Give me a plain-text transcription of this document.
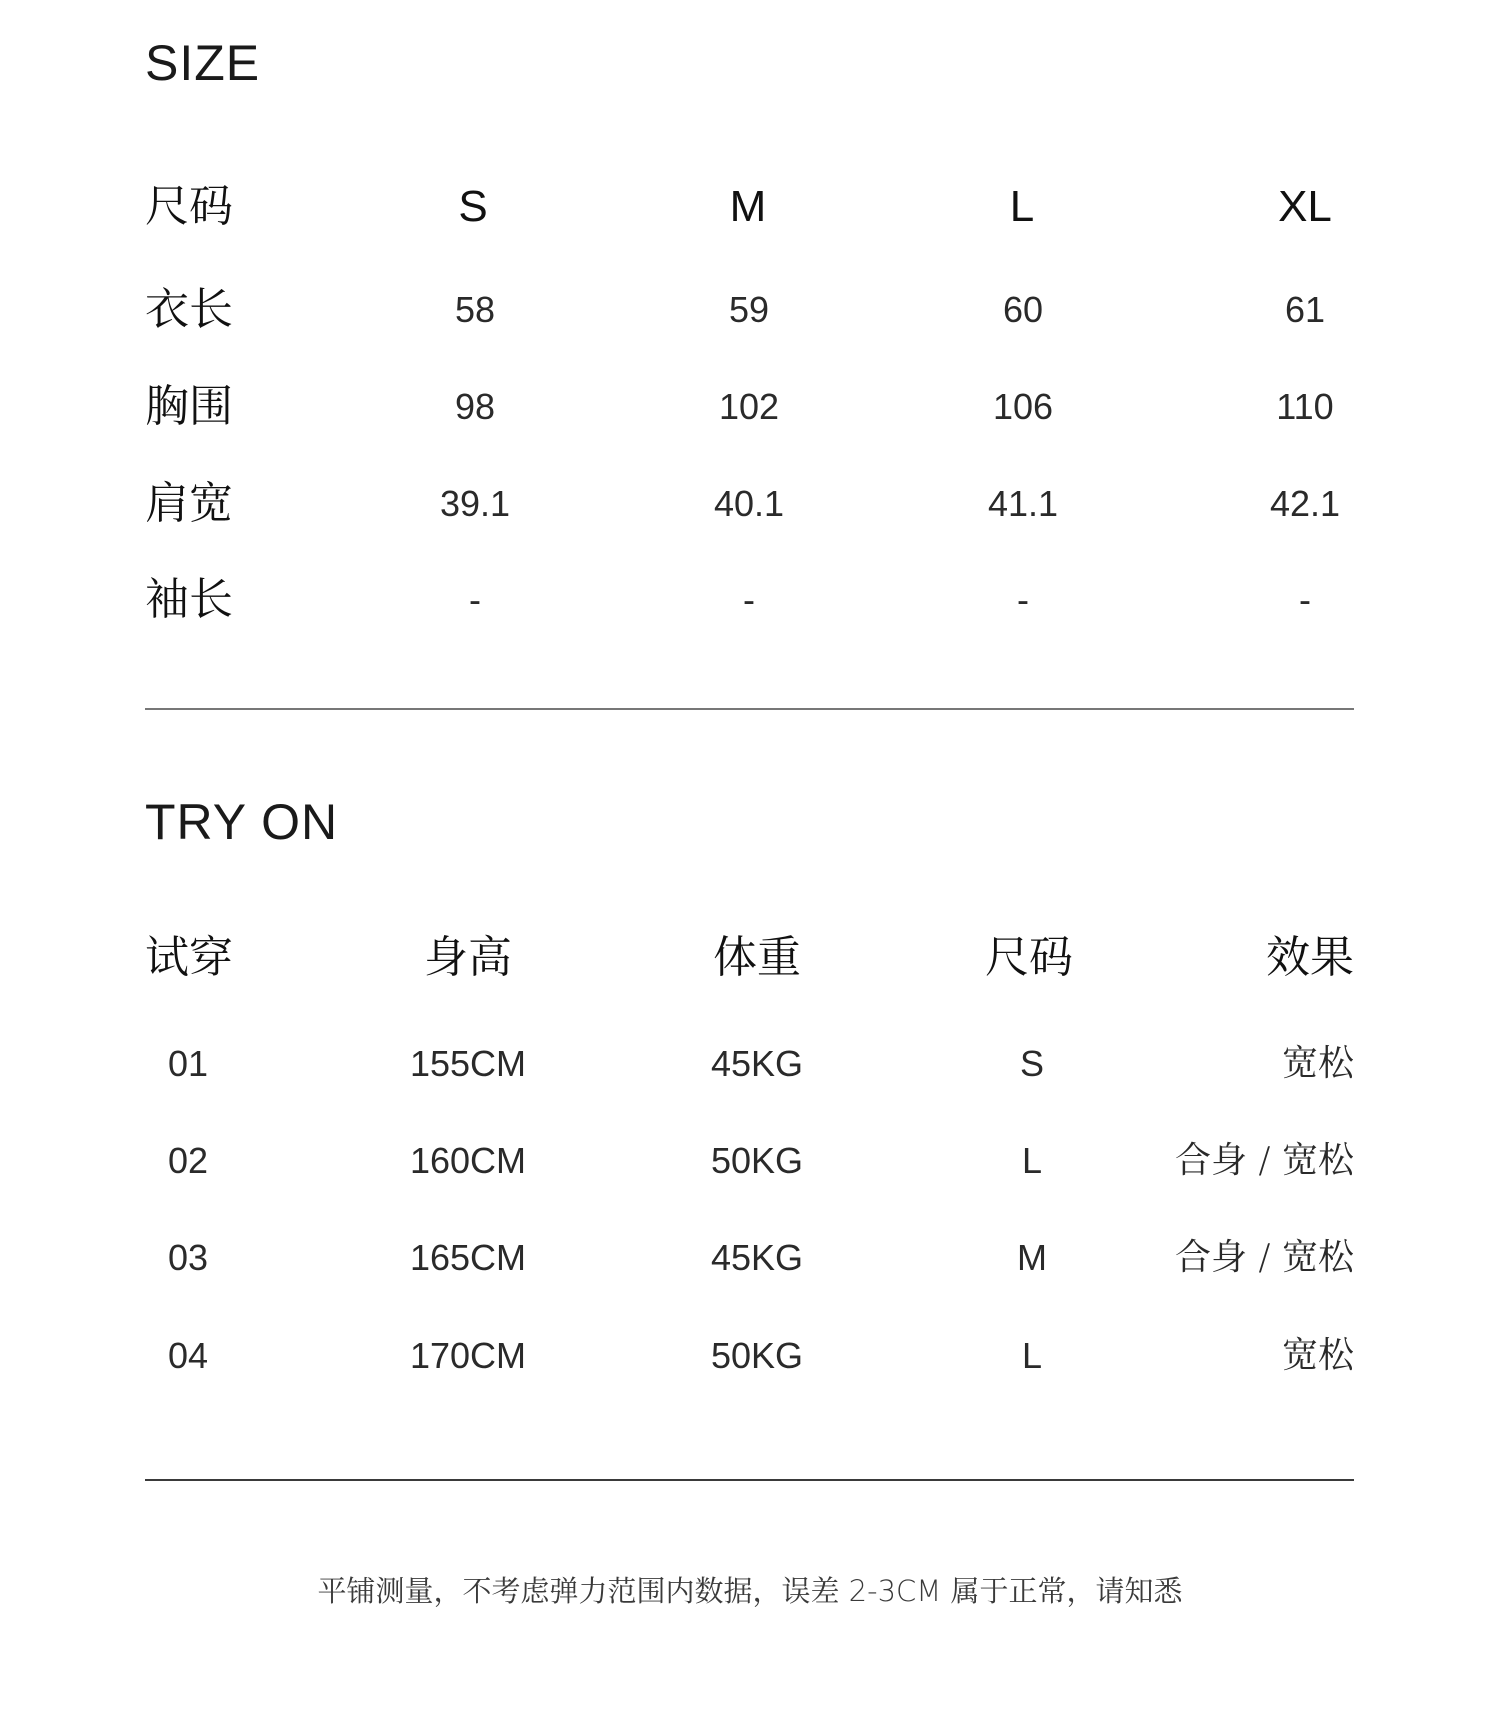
SIZE
尺码	S	M	L	XL
衣长	58	59	60	61
胸围	98	102	106	110
肩宽	39.1	40.1	41.1	42.1
袖长	-	-	-	-
TRY ON
试穿	身高	体重	尺码	效果
01	155CM	45KG	S	宽松
02	160CM	50KG	L	合身 / 宽松
03	165CM	45KG	M	合身 / 宽松
04	170CM	50KG	L	宽松

平铺测量，不考虑弹力范围内数据，误差 2-3CM 属于正常，请知悉
